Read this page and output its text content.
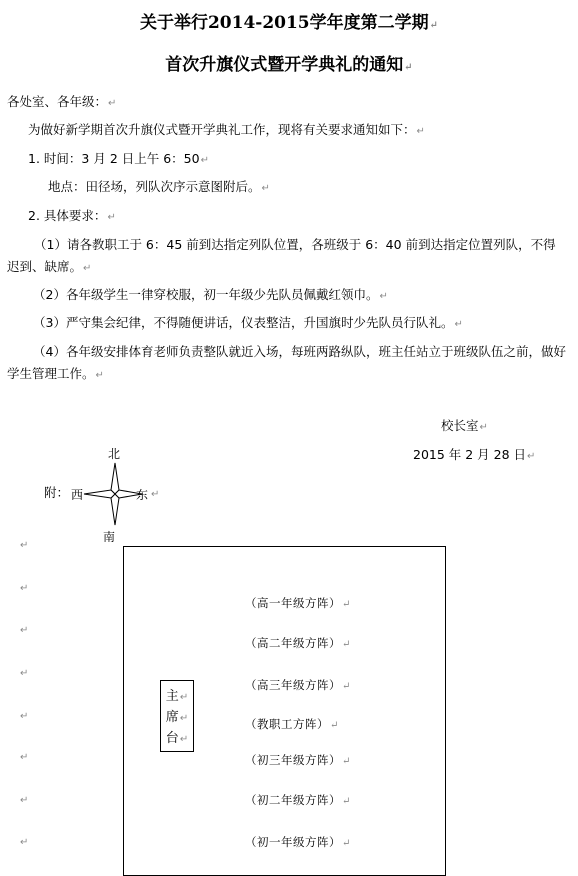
关于举行2014-2015学年度第二学期↵
首次升旗仪式暨开学典礼的通知↵
各处室、各年级：↵
为做好新学期首次升旗仪式暨开学典礼工作，现将有关要求通知如下：↵
1. 时间：3 月 2 日上午 6：50↵
地点：田径场，列队次序示意图附后。↵
2. 具体要求：↵
（1）请各教职工于 6：45 前到达指定列队位置，各班级于 6：40 前到达指定位置列队，不得迟到、缺席。↵
（2）各年级学生一律穿校服，初一年级少先队员佩戴红领巾。↵
（3）严守集会纪律，不得随便讲话，仪表整洁，升国旗时少先队员行队礼。↵
（4）各年级安排体育老师负责整队就近入场，每班两路纵队，班主任站立于班级队伍之前，做好学生管理工作。↵
校长室↵
2015 年 2 月 28 日↵
附：
北
西	东 ↵
南
↵
↵
↵
↵
↵
↵
↵
↵
主↵
席↵
台↵
（高一年级方阵）↵
（高二年级方阵）↵
（高三年级方阵）↵
（教职工方阵）↵
（初三年级方阵）↵
（初二年级方阵）↵
（初一年级方阵）↵
